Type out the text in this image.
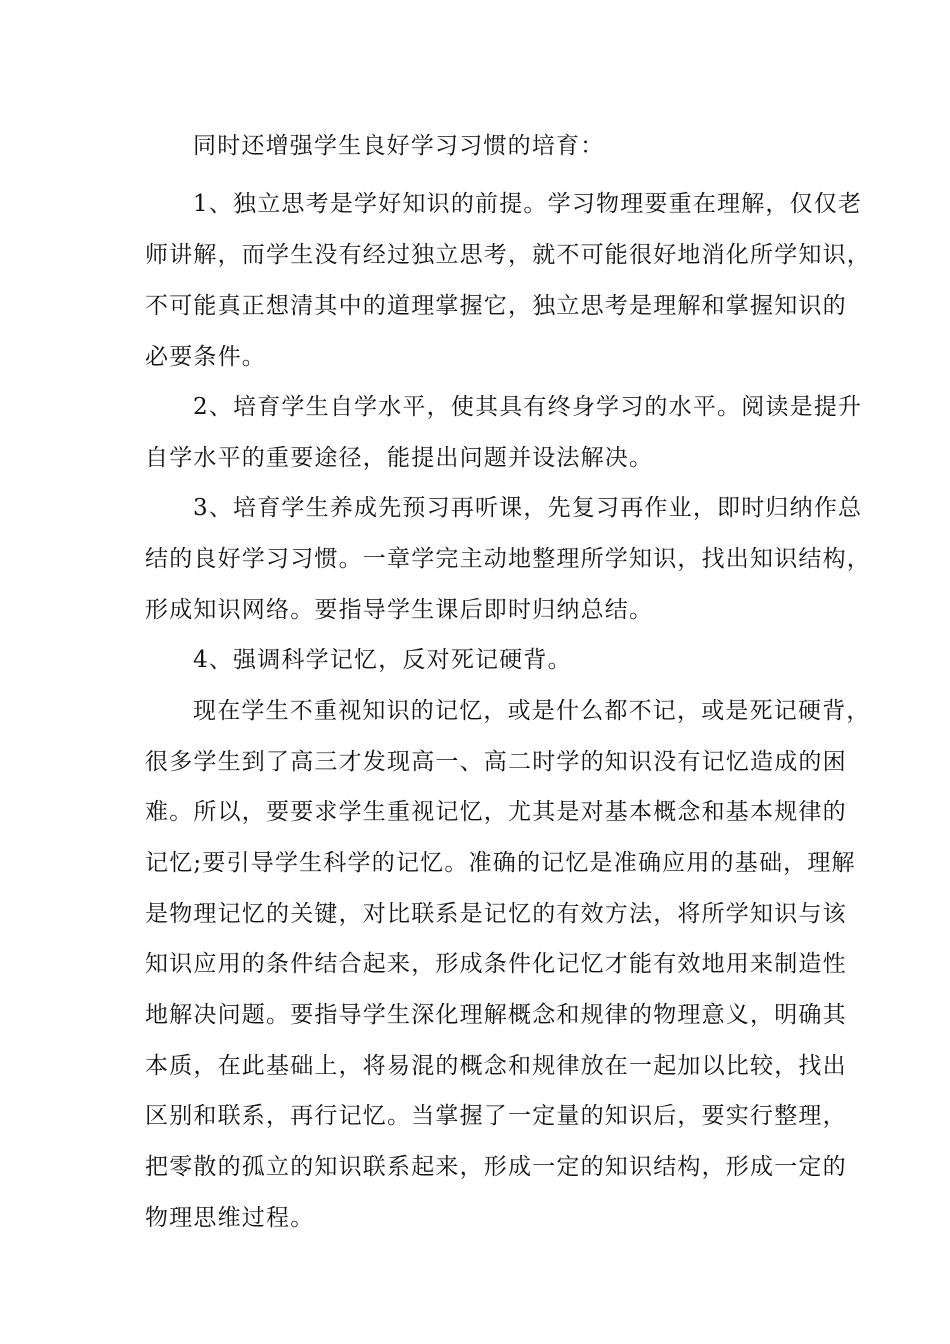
同时还增强学生良好学习习惯的培育：
1、独立思考是学好知识的前提。学习物理要重在理解，仅仅老
师讲解，而学生没有经过独立思考，就不可能很好地消化所学知识，
不可能真正想清其中的道理掌握它，独立思考是理解和掌握知识的
必要条件。
2、培育学生自学水平，使其具有终身学习的水平。阅读是提升
自学水平的重要途径，能提出问题并设法解决。
3、培育学生养成先预习再听课，先复习再作业，即时归纳作总
结的良好学习习惯。一章学完主动地整理所学知识，找出知识结构，
形成知识网络。要指导学生课后即时归纳总结。
4、强调科学记忆，反对死记硬背。
现在学生不重视知识的记忆，或是什么都不记，或是死记硬背，
很多学生到了高三才发现高一、高二时学的知识没有记忆造成的困
难。所以，要要求学生重视记忆，尤其是对基本概念和基本规律的
记忆;要引导学生科学的记忆。准确的记忆是准确应用的基础，理解
是物理记忆的关键，对比联系是记忆的有效方法，将所学知识与该
知识应用的条件结合起来，形成条件化记忆才能有效地用来制造性
地解决问题。要指导学生深化理解概念和规律的物理意义，明确其
本质，在此基础上，将易混的概念和规律放在一起加以比较，找出
区别和联系，再行记忆。当掌握了一定量的知识后，要实行整理，
把零散的孤立的知识联系起来，形成一定的知识结构，形成一定的
物理思维过程。
